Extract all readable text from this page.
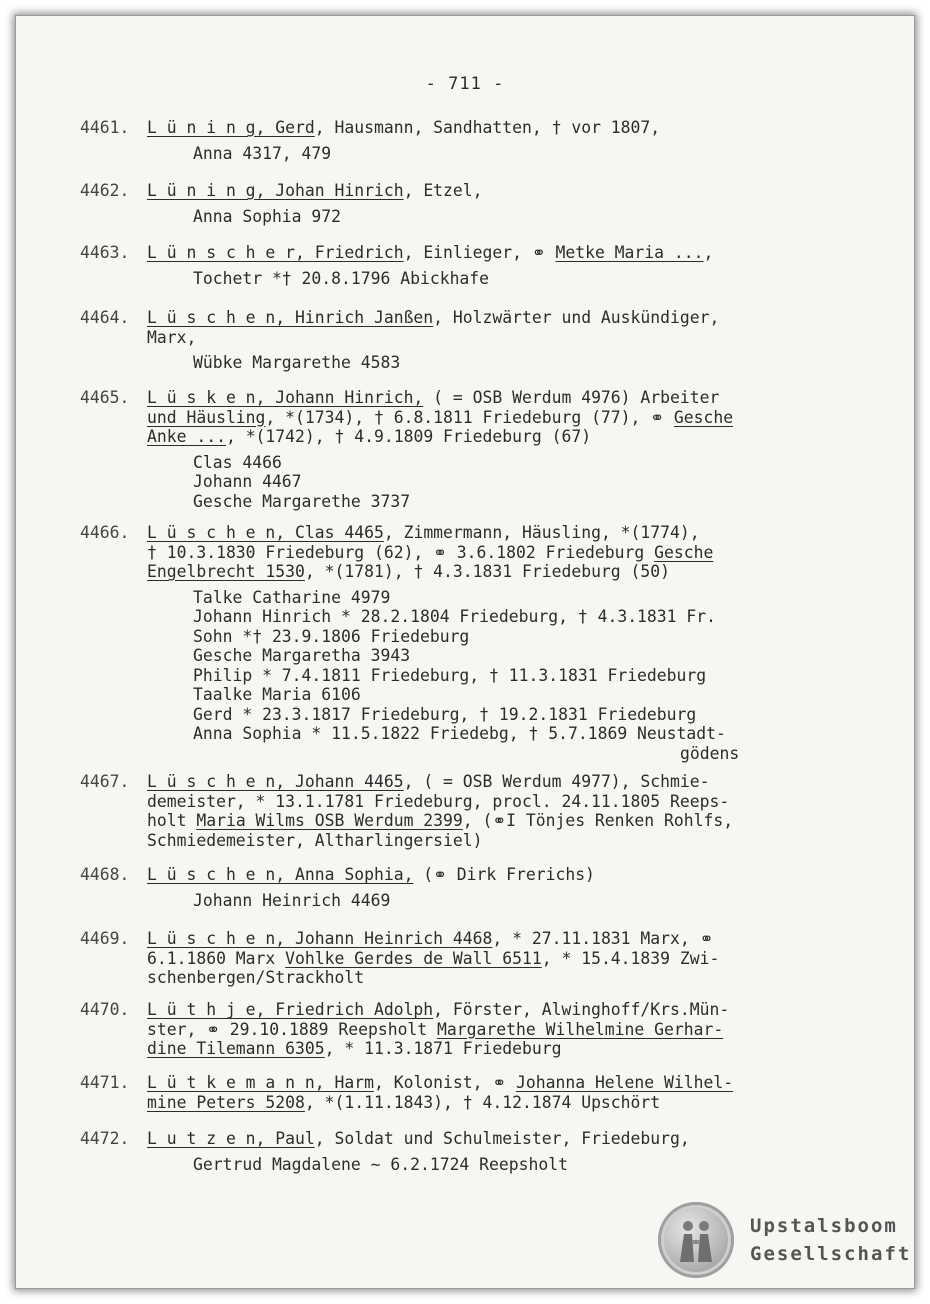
- 711 -
4461.	L ü n i n g, Gerd, Hausmann, Sandhatten, † vor 1807,
Anna 4317, 479
4462.	L ü n i n g, Johan Hinrich, Etzel,
Anna Sophia 972
4463.	L ü n s c h e r, Friedrich, Einlieger, ⚭ Metke Maria ...,
Tochetr *† 20.8.1796 Abickhafe
4464.	L ü s c h e n, Hinrich Janßen, Holzwärter und Auskündiger,
Marx,
Wübke Margarethe 4583
4465.	L ü s k e n, Johann Hinrich, ( = OSB Werdum 4976) Arbeiter
und Häusling, *(1734), † 6.8.1811 Friedeburg (77), ⚭ Gesche
Anke ..., *(1742), † 4.9.1809 Friedeburg (67)
Clas 4466
Johann 4467
Gesche Margarethe 3737
4466.	L ü s c h e n, Clas 4465, Zimmermann, Häusling, *(1774),
† 10.3.1830 Friedeburg (62), ⚭ 3.6.1802 Friedeburg Gesche
Engelbrecht 1530, *(1781), † 4.3.1831 Friedeburg (50)
Talke Catharine 4979
Johann Hinrich * 28.2.1804 Friedeburg, † 4.3.1831 Fr.
Sohn *† 23.9.1806 Friedeburg
Gesche Margaretha 3943
Philip * 7.4.1811 Friedeburg, † 11.3.1831 Friedeburg
Taalke Maria 6106
Gerd * 23.3.1817 Friedeburg, † 19.2.1831 Friedeburg
Anna Sophia * 11.5.1822 Friedebg, † 5.7.1869 Neustadt-
gödens
4467.	L ü s c h e n, Johann 4465, ( = OSB Werdum 4977), Schmie-
demeister, * 13.1.1781 Friedeburg, procl. 24.11.1805 Reeps-
holt Maria Wilms OSB Werdum 2399, (⚭I Tönjes Renken Rohlfs,
Schmiedemeister, Altharlingersiel)
4468.	L ü s c h e n, Anna Sophia, (⚭ Dirk Frerichs)
Johann Heinrich 4469
4469.	L ü s c h e n, Johann Heinrich 4468, * 27.11.1831 Marx, ⚭
6.1.1860 Marx Vohlke Gerdes de Wall 6511, * 15.4.1839 Zwi-
schenbergen/Strackholt
4470.	L ü t h j e, Friedrich Adolph, Förster, Alwinghoff/Krs.Mün-
ster, ⚭ 29.10.1889 Reepsholt Margarethe Wilhelmine Gerhar-
dine Tilemann 6305, * 11.3.1871 Friedeburg
4471.	L ü t k e m a n n, Harm, Kolonist, ⚭ Johanna Helene Wilhel-
mine Peters 5208, *(1.11.1843), † 4.12.1874 Upschört
4472.	L u t z e n, Paul, Soldat und Schulmeister, Friedeburg,
Gertrud Magdalene ~ 6.2.1724 Reepsholt
Upstalsboom
Gesellschaft
